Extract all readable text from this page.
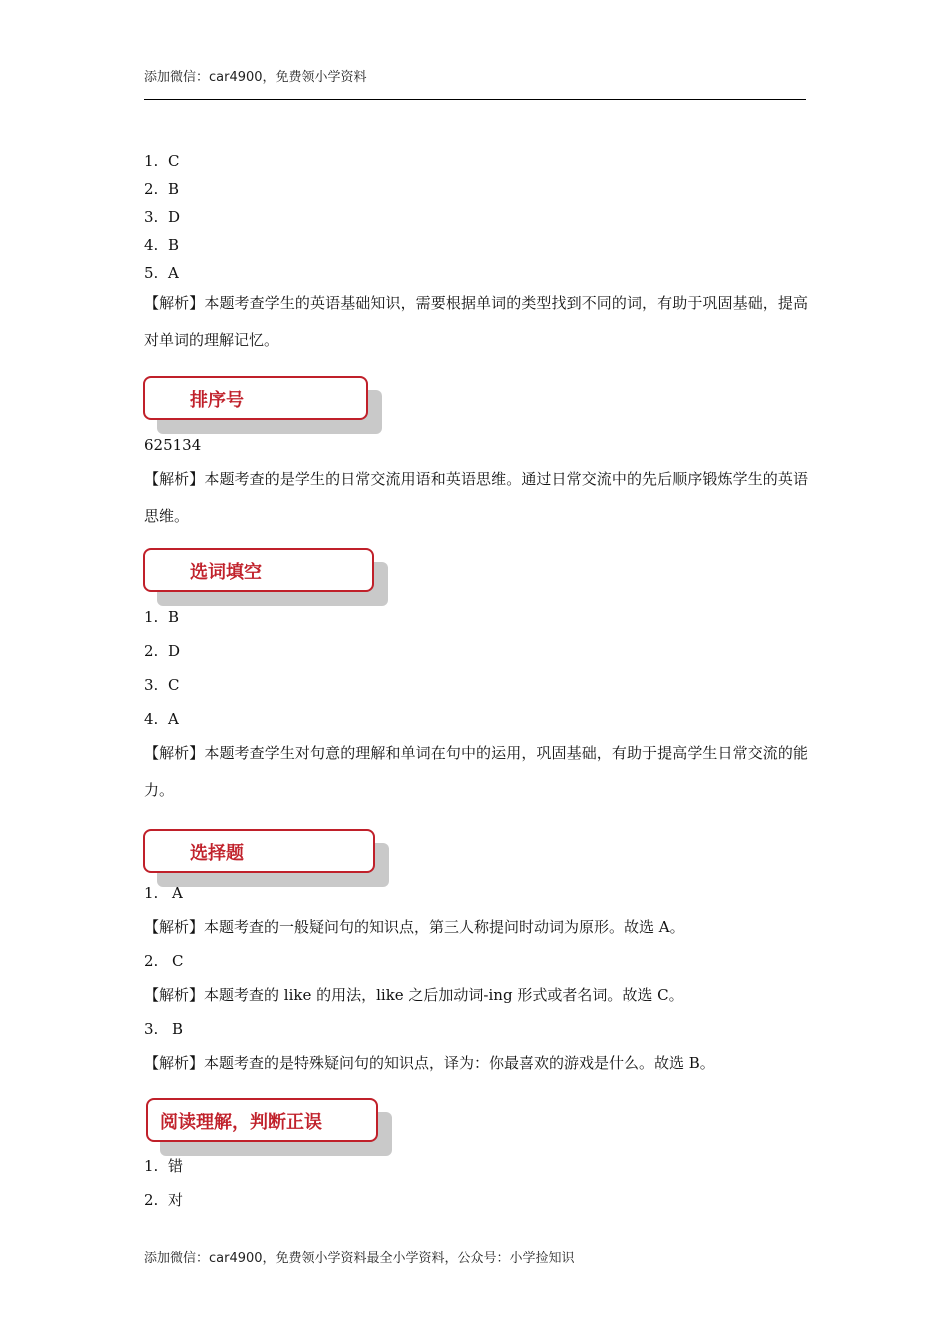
添加微信：car4900，免费领小学资料
1. C
2. B
3. D
4. B
5. A
【解析】本题考查学生的英语基础知识，需要根据单词的类型找到不同的词，有助于巩固基础，提高对单词的理解记忆。
排序号
625134
【解析】本题考查的是学生的日常交流用语和英语思维。通过日常交流中的先后顺序锻炼学生的英语思维。
选词填空
1. B
2. D
3. C
4. A
【解析】本题考查学生对句意的理解和单词在句中的运用，巩固基础，有助于提高学生日常交流的能力。
选择题
1. A
【解析】本题考查的一般疑问句的知识点，第三人称提问时动词为原形。故选 A。
2. C
【解析】本题考查的 like 的用法，like 之后加动词-ing 形式或者名词。故选 C。
3. B
【解析】本题考查的是特殊疑问句的知识点，译为：你最喜欢的游戏是什么。故选 B。
阅读理解，判断正误
1. 错
2. 对
添加微信：car4900，免费领小学资料最全小学资料，公众号：小学捡知识
